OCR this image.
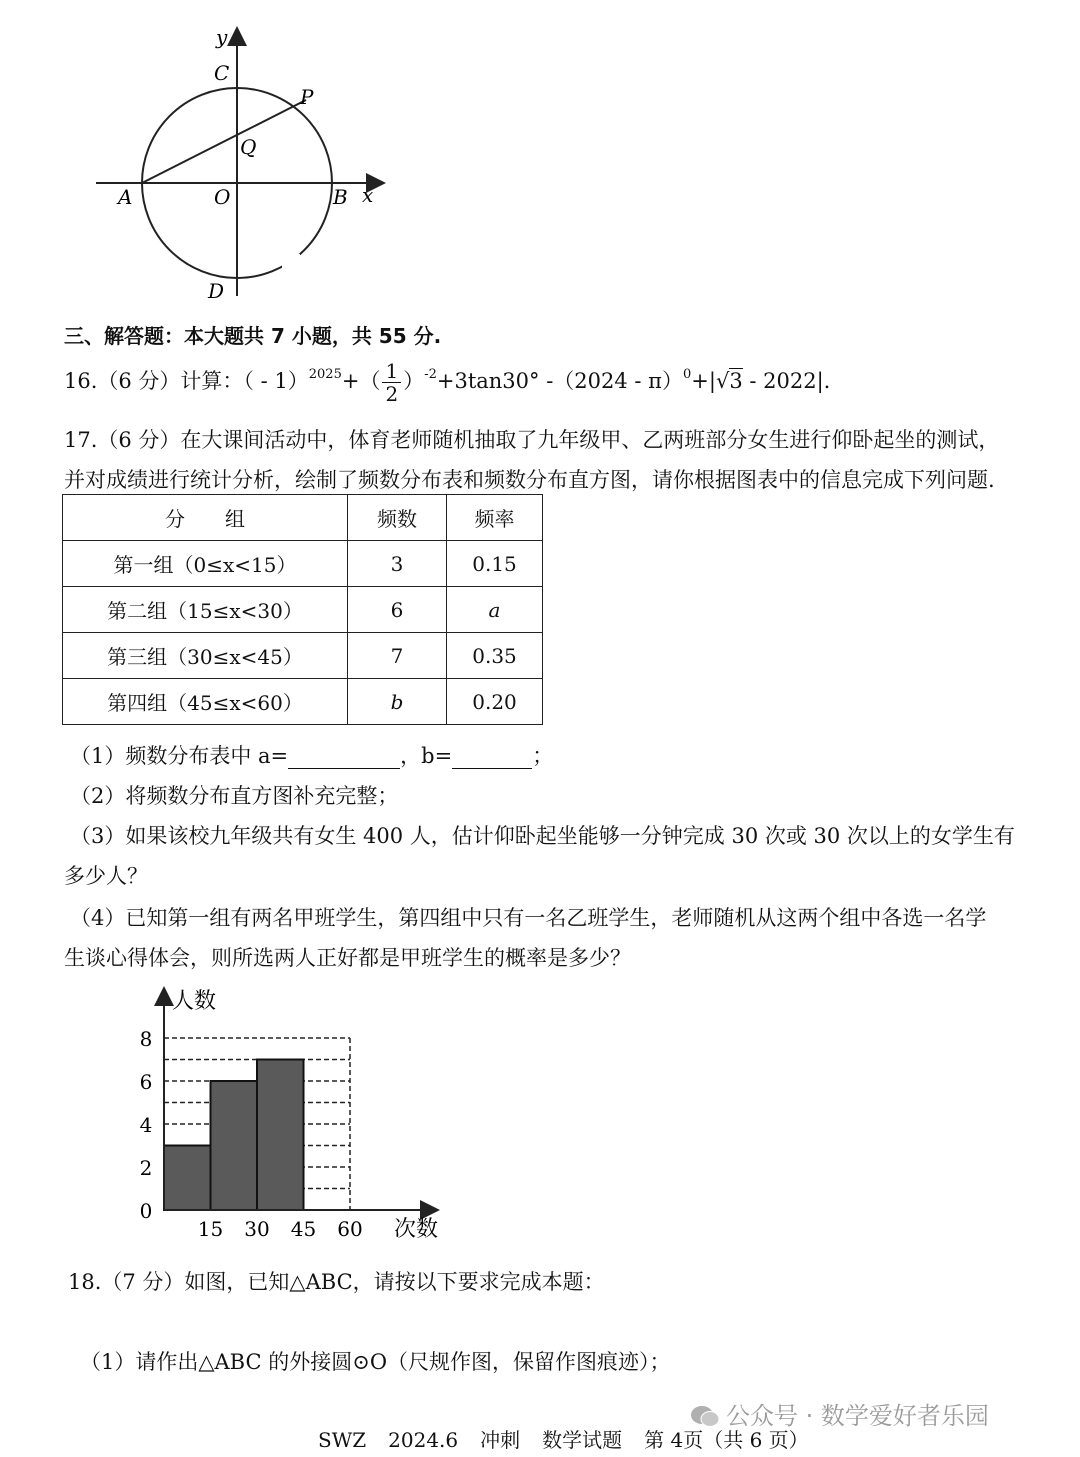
y
C
P
Q
A	O	B x
D
三、解答题：本大题共 7 小题，共 55 分.
16.（6 分）计算：（ - $1)^{2025}+( \frac{1}{2} )^{-2}+3\tan 30^\circ$ -（2024 - π）$^0$+|√3 - 2022|.
17.（6 分）在大课间活动中，体育老师随机抽取了九年级甲、乙两班部分女生进行仰卧起坐的测试，
并对成绩进行统计分析，绘制了频数分布表和频数分布直方图，请你根据图表中的信息完成下列问题.
分　　组	频数	频率
第一组（0≤x<15）	3	0.15
第二组（15≤x<30）	6	a
第三组（30≤x<45）	7	0.35
第四组（45≤x<60）	b	0.20
（1）频数分布表中 a=	，b=	；
（2）将频数分布直方图补充完整；
（3）如果该校九年级共有女生 400 人，估计仰卧起坐能够一分钟完成 30 次或 30 次以上的女学生有
多少人？
（4）已知第一组有两名甲班学生，第四组中只有一名乙班学生，老师随机从这两个组中各选一名学
生谈心得体会，则所选两人正好都是甲班学生的概率是多少？
0
2
4
6
8
15 30 45 60
人数
次数
18.（7 分）如图，已知△ABC，请按以下要求完成本题：
（1）请作出△ABC 的外接圆⊙O（尺规作图，保留作图痕迹）；
公众号 · 数学爱好者乐园
SWZ 2024.6 冲刺 数学试题 第 4页（共 6 页）
